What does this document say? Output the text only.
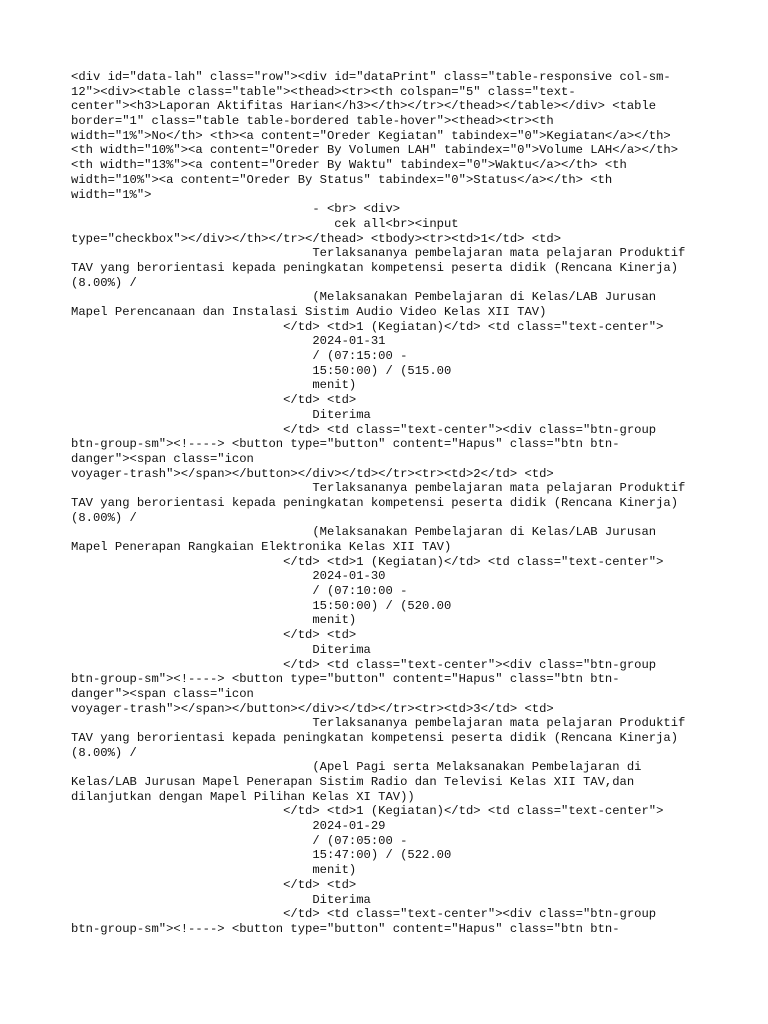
<div id="data-lah" class="row"><div id="dataPrint" class="table-responsive col-sm-
12"><div><table class="table"><thead><tr><th colspan="5" class="text-
center"><h3>Laporan Aktifitas Harian</h3></th></tr></thead></table></div> <table
border="1" class="table table-bordered table-hover"><thead><tr><th
width="1%">No</th> <th><a content="Oreder Kegiatan" tabindex="0">Kegiatan</a></th>
<th width="10%"><a content="Oreder By Volumen LAH" tabindex="0">Volume LAH</a></th>
<th width="13%"><a content="Oreder By Waktu" tabindex="0">Waktu</a></th> <th
width="10%"><a content="Oreder By Status" tabindex="0">Status</a></th> <th
width="1%">
- <br> <div>
cek all<br><input
type="checkbox"></div></th></tr></thead> <tbody><tr><td>1</td> <td>
Terlaksananya pembelajaran mata pelajaran Produktif
TAV yang berorientasi kepada peningkatan kompetensi peserta didik (Rencana Kinerja)
(8.00%) /
(Melaksanakan Pembelajaran di Kelas/LAB Jurusan
Mapel Perencanaan dan Instalasi Sistim Audio Video Kelas XII TAV)
</td> <td>1 (Kegiatan)</td> <td class="text-center">
2024-01-31
/ (07:15:00 -
15:50:00) / (515.00
menit)
</td> <td>
Diterima
</td> <td class="text-center"><div class="btn-group
btn-group-sm"><!----> <button type="button" content="Hapus" class="btn btn-
danger"><span class="icon
voyager-trash"></span></button></div></td></tr><tr><td>2</td> <td>
Terlaksananya pembelajaran mata pelajaran Produktif
TAV yang berorientasi kepada peningkatan kompetensi peserta didik (Rencana Kinerja)
(8.00%) /
(Melaksanakan Pembelajaran di Kelas/LAB Jurusan
Mapel Penerapan Rangkaian Elektronika Kelas XII TAV)
</td> <td>1 (Kegiatan)</td> <td class="text-center">
2024-01-30
/ (07:10:00 -
15:50:00) / (520.00
menit)
</td> <td>
Diterima
</td> <td class="text-center"><div class="btn-group
btn-group-sm"><!----> <button type="button" content="Hapus" class="btn btn-
danger"><span class="icon
voyager-trash"></span></button></div></td></tr><tr><td>3</td> <td>
Terlaksananya pembelajaran mata pelajaran Produktif
TAV yang berorientasi kepada peningkatan kompetensi peserta didik (Rencana Kinerja)
(8.00%) /
(Apel Pagi serta Melaksanakan Pembelajaran di
Kelas/LAB Jurusan Mapel Penerapan Sistim Radio dan Televisi Kelas XII TAV,dan
dilanjutkan dengan Mapel Pilihan Kelas XI TAV))
</td> <td>1 (Kegiatan)</td> <td class="text-center">
2024-01-29
/ (07:05:00 -
15:47:00) / (522.00
menit)
</td> <td>
Diterima
</td> <td class="text-center"><div class="btn-group
btn-group-sm"><!----> <button type="button" content="Hapus" class="btn btn-
